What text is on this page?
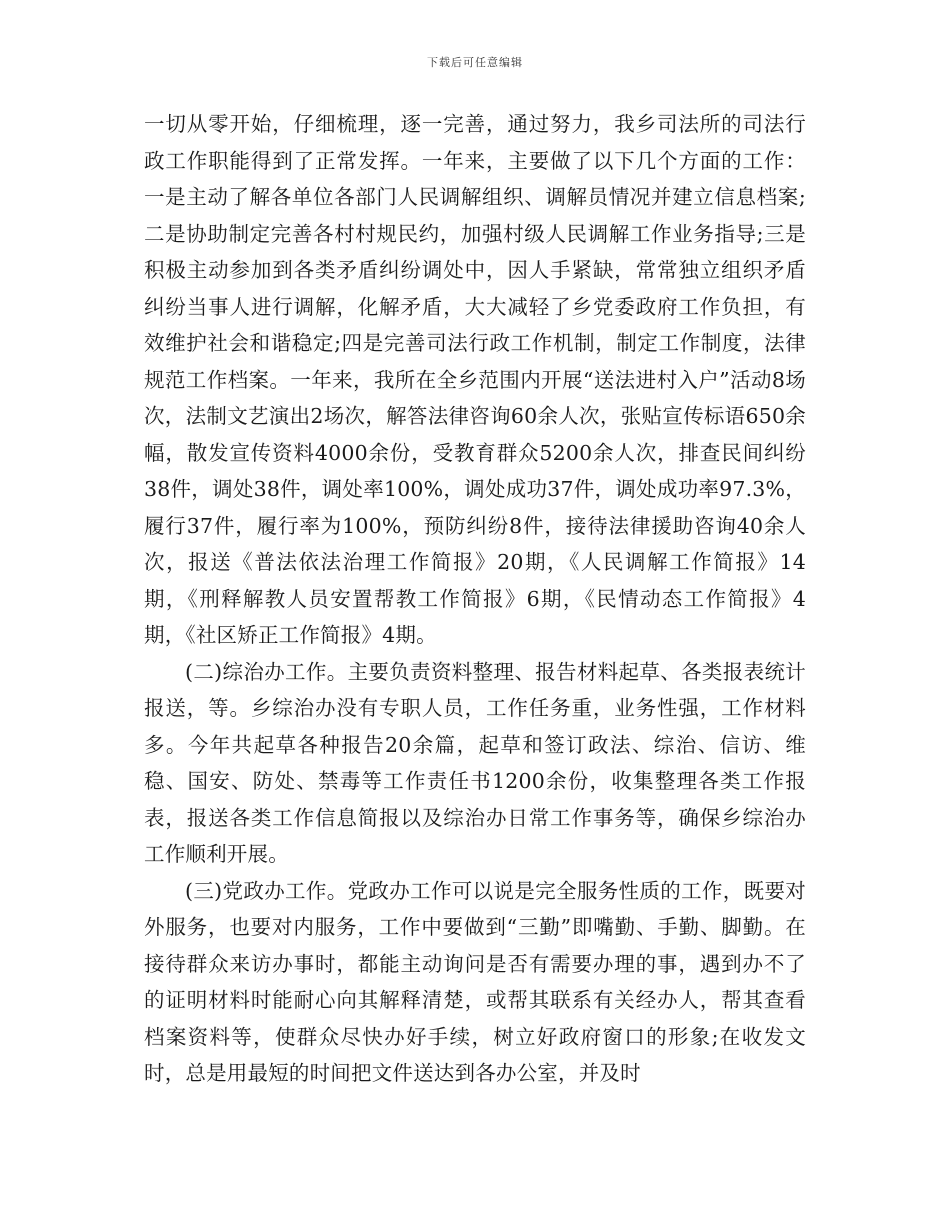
下载后可任意编辑

一切从零开始，仔细梳理，逐一完善，通过努力，我乡司法所的司法行政工作职能得到了正常发挥。一年来，主要做了以下几个方面的工作：一是主动了解各单位各部门人民调解组织、调解员情况并建立信息档案;二是协助制定完善各村村规民约，加强村级人民调解工作业务指导;三是积极主动参加到各类矛盾纠纷调处中，因人手紧缺，常常独立组织矛盾纠纷当事人进行调解，化解矛盾，大大减轻了乡党委政府工作负担，有效维护社会和谐稳定;四是完善司法行政工作机制，制定工作制度，法律规范工作档案。一年来，我所在全乡范围内开展“送法进村入户”活动8场次，法制文艺演出2场次，解答法律咨询60余人次，张贴宣传标语650余幅，散发宣传资料4000余份，受教育群众5200余人次，排查民间纠纷38件，调处38件，调处率100%，调处成功37件，调处成功率97.3%，履行37件，履行率为100%，预防纠纷8件，接待法律援助咨询40余人次，报送《普法依法治理工作简报》20期，《人民调解工作简报》14期，《刑释解教人员安置帮教工作简报》6期，《民情动态工作简报》4期，《社区矫正工作简报》4期。

(二)综治办工作。主要负责资料整理、报告材料起草、各类报表统计报送，等。乡综治办没有专职人员，工作任务重，业务性强，工作材料多。今年共起草各种报告20余篇，起草和签订政法、综治、信访、维稳、国安、防处、禁毒等工作责任书1200余份，收集整理各类工作报表，报送各类工作信息简报以及综治办日常工作事务等，确保乡综治办工作顺利开展。

(三)党政办工作。党政办工作可以说是完全服务性质的工作，既要对外服务，也要对内服务，工作中要做到“三勤”即嘴勤、手勤、脚勤。在接待群众来访办事时，都能主动询问是否有需要办理的事，遇到办不了的证明材料时能耐心向其解释清楚，或帮其联系有关经办人，帮其查看档案资料等，使群众尽快办好手续，树立好政府窗口的形象;在收发文时，总是用最短的时间把文件送达到各办公室，并及时
